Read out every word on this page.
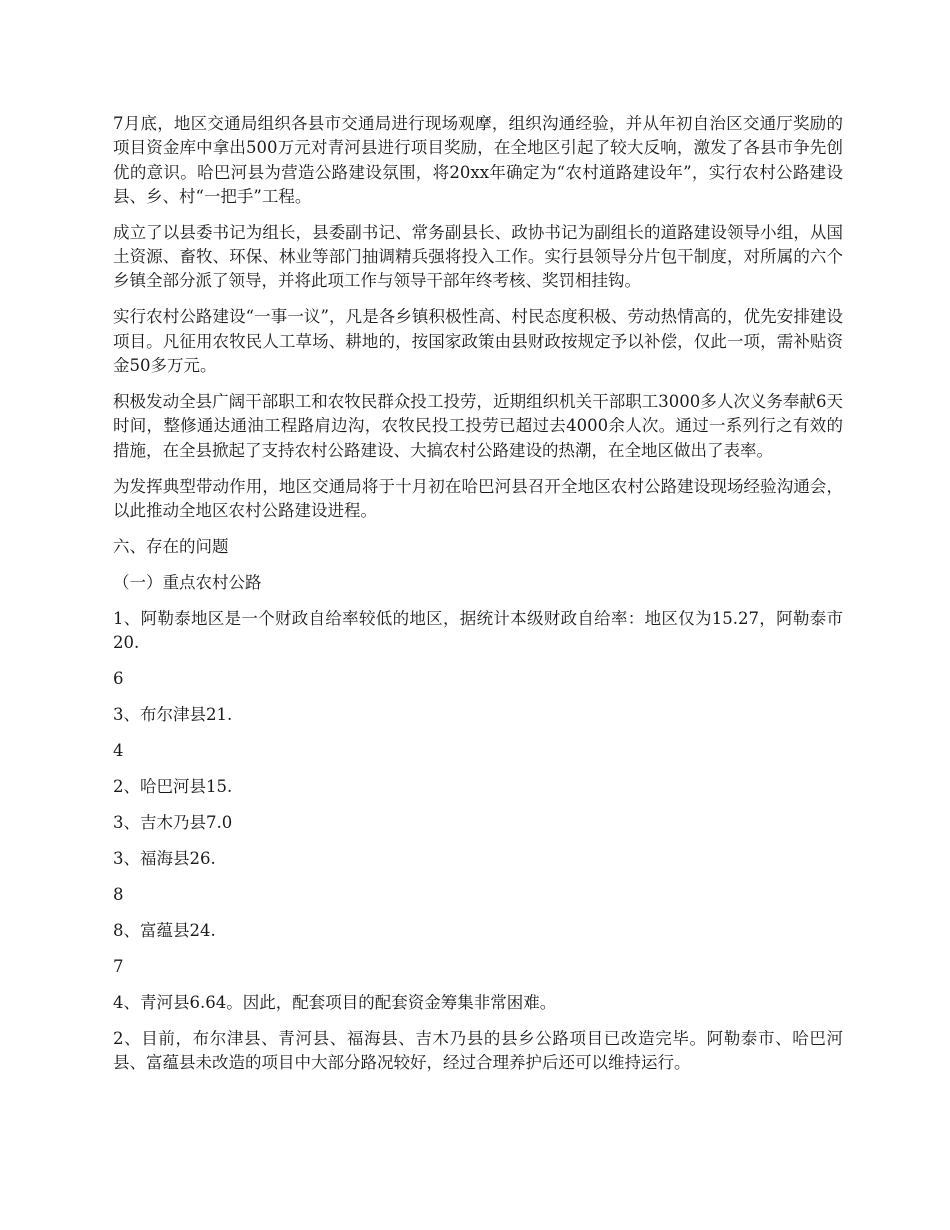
7月底，地区交通局组织各县市交通局进行现场观摩，组织沟通经验，并从年初自治区交通厅奖励的项目资金库中拿出500万元对青河县进行项目奖励，在全地区引起了较大反响，激发了各县市争先创优的意识。哈巴河县为营造公路建设氛围，将20xx年确定为“农村道路建设年”，实行农村公路建设县、乡、村“一把手”工程。

成立了以县委书记为组长，县委副书记、常务副县长、政协书记为副组长的道路建设领导小组，从国土资源、畜牧、环保、林业等部门抽调精兵强将投入工作。实行县领导分片包干制度，对所属的六个乡镇全部分派了领导，并将此项工作与领导干部年终考核、奖罚相挂钩。

实行农村公路建设“一事一议”，凡是各乡镇积极性高、村民态度积极、劳动热情高的，优先安排建设项目。凡征用农牧民人工草场、耕地的，按国家政策由县财政按规定予以补偿，仅此一项，需补贴资金50多万元。

积极发动全县广阔干部职工和农牧民群众投工投劳，近期组织机关干部职工3000多人次义务奉献6天时间，整修通达通油工程路肩边沟，农牧民投工投劳已超过去4000余人次。通过一系列行之有效的措施，在全县掀起了支持农村公路建设、大搞农村公路建设的热潮，在全地区做出了表率。

为发挥典型带动作用，地区交通局将于十月初在哈巴河县召开全地区农村公路建设现场经验沟通会，以此推动全地区农村公路建设进程。

六、存在的问题

（一）重点农村公路

1、阿勒泰地区是一个财政自给率较低的地区，据统计本级财政自给率：地区仅为15.27，阿勒泰市20.

6

3、布尔津县21.

4

2、哈巴河县15.

3、吉木乃县7.0

3、福海县26.

8

8、富蕴县24.

7

4、青河县6.64。因此，配套项目的配套资金筹集非常困难。

2、目前，布尔津县、青河县、福海县、吉木乃县的县乡公路项目已改造完毕。阿勒泰市、哈巴河县、富蕴县未改造的项目中大部分路况较好，经过合理养护后还可以维持运行。
